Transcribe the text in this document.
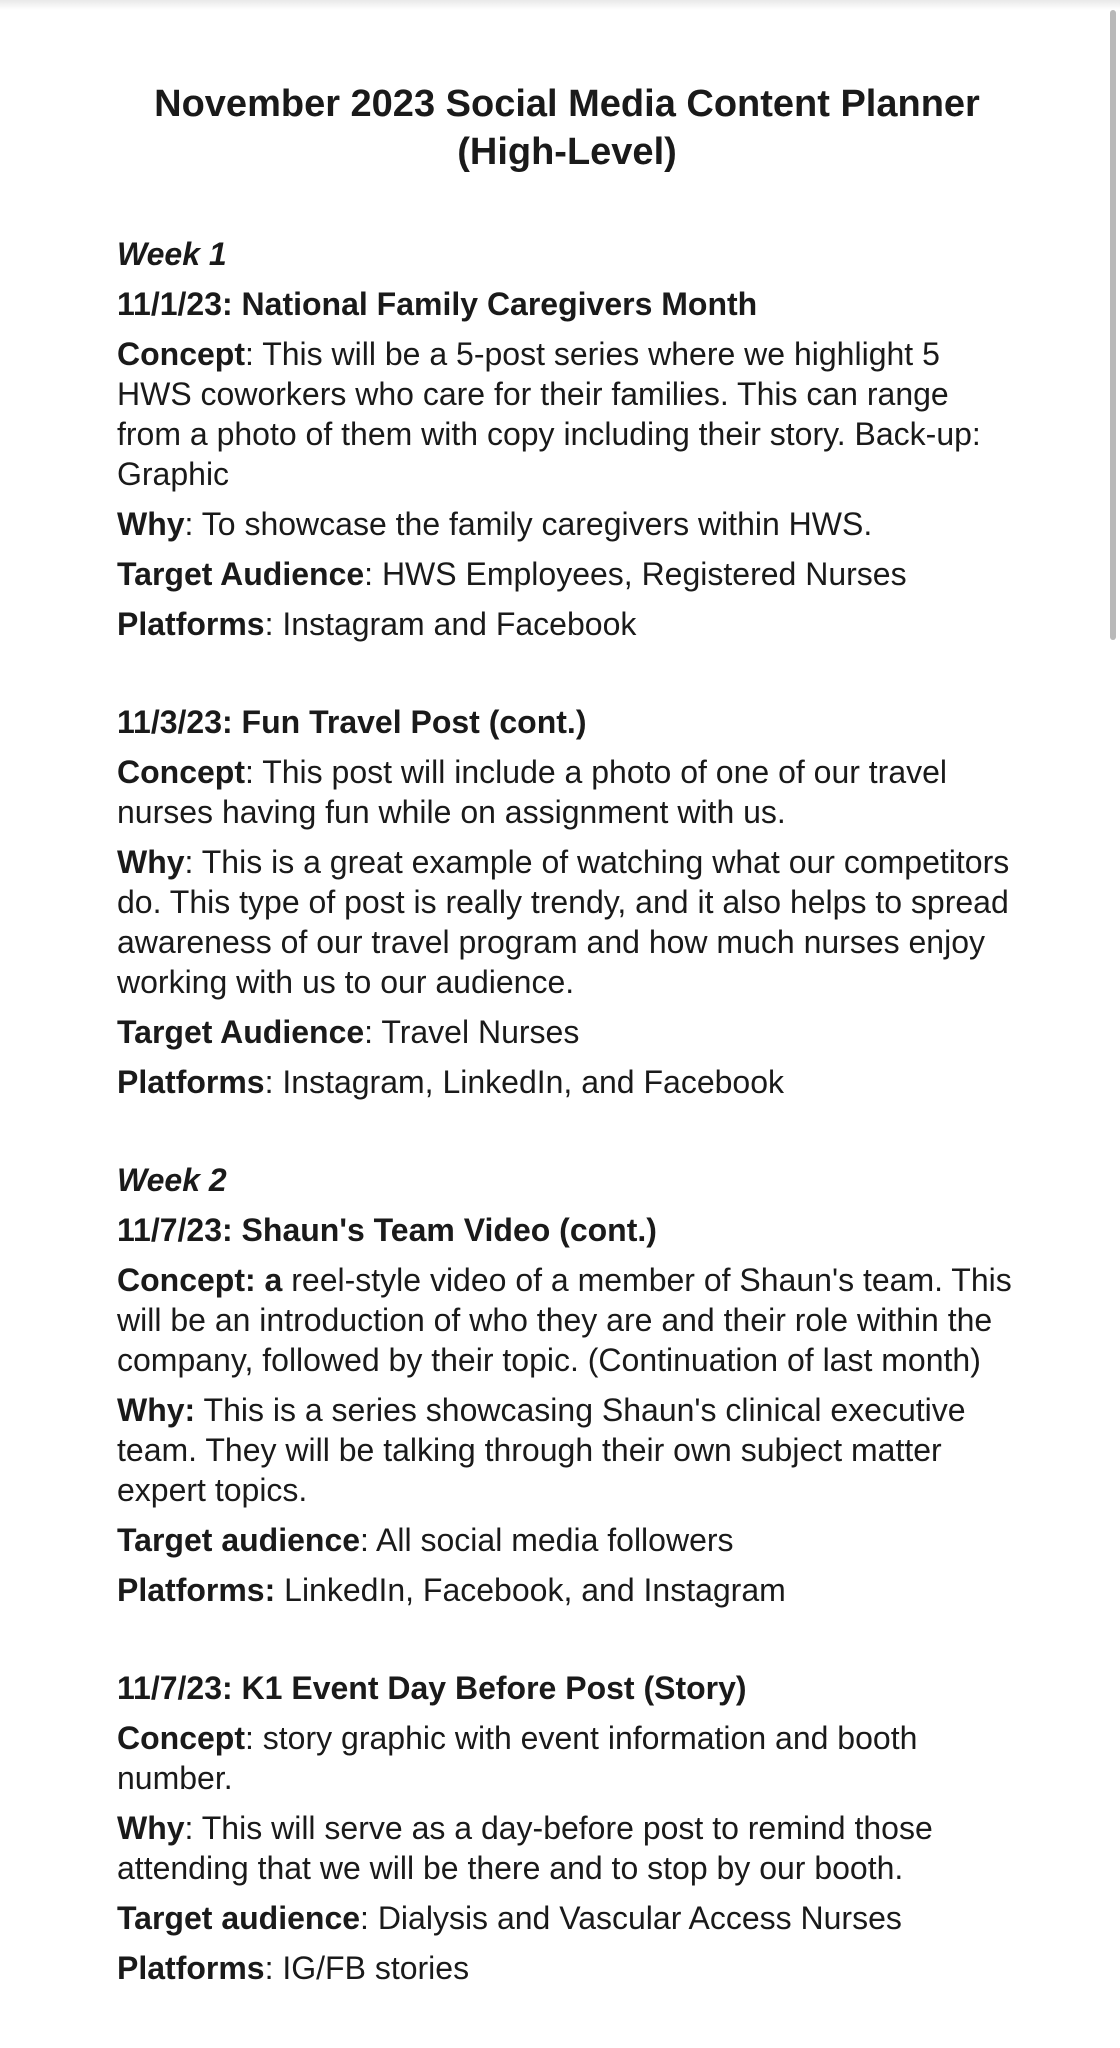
November 2023 Social Media Content Planner
(High-Level)
Week 1
11/1/23: National Family Caregivers Month
Concept: This will be a 5-post series where we highlight 5 HWS coworkers who care for their families. This can range from a photo of them with copy including their story. Back-up: Graphic
Why: To showcase the family caregivers within HWS.
Target Audience: HWS Employees, Registered Nurses
Platforms: Instagram and Facebook
11/3/23: Fun Travel Post (cont.)
Concept: This post will include a photo of one of our travel nurses having fun while on assignment with us.
Why: This is a great example of watching what our competitors do. This type of post is really trendy, and it also helps to spread awareness of our travel program and how much nurses enjoy working with us to our audience.
Target Audience: Travel Nurses
Platforms: Instagram, LinkedIn, and Facebook
Week 2
11/7/23: Shaun's Team Video (cont.)
Concept: a reel-style video of a member of Shaun's team. This will be an introduction of who they are and their role within the company, followed by their topic. (Continuation of last month)
Why: This is a series showcasing Shaun's clinical executive team. They will be talking through their own subject matter expert topics.
Target audience: All social media followers
Platforms: LinkedIn, Facebook, and Instagram
11/7/23: K1 Event Day Before Post (Story)
Concept: story graphic with event information and booth number.
Why: This will serve as a day-before post to remind those attending that we will be there and to stop by our booth.
Target audience: Dialysis and Vascular Access Nurses
Platforms: IG/FB stories
